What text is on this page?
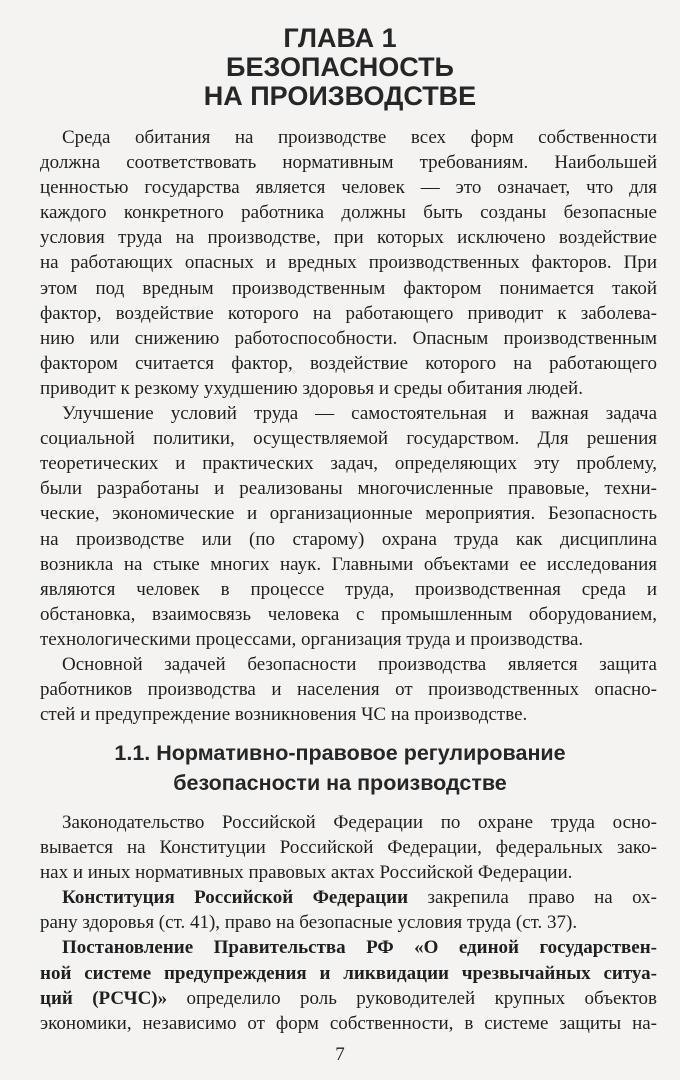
ГЛАВА 1
БЕЗОПАСНОСТЬ
НА ПРОИЗВОДСТВЕ
Среда обитания на производстве всех форм собственности
должна соответствовать нормативным требованиям. Наибольшей
ценностью государства является человек — это означает, что для
каждого конкретного работника должны быть созданы безопасные
условия труда на производстве, при которых исключено воздействие
на работающих опасных и вредных производственных факторов. При
этом под вредным производственным фактором понимается такой
фактор, воздействие которого на работающего приводит к заболева-
нию или снижению работоспособности. Опасным производственным
фактором считается фактор, воздействие которого на работающего
приводит к резкому ухудшению здоровья и среды обитания людей.
Улучшение условий труда — самостоятельная и важная задача
социальной политики, осуществляемой государством. Для решения
теоретических и практических задач, определяющих эту проблему,
были разработаны и реализованы многочисленные правовые, техни-
ческие, экономические и организационные мероприятия. Безопасность
на производстве или (по старому) охрана труда как дисциплина
возникла на стыке многих наук. Главными объектами ее исследования
являются человек в процессе труда, производственная среда и
обстановка, взаимосвязь человека с промышленным оборудованием,
технологическими процессами, организация труда и производства.
Основной задачей безопасности производства является защита
работников производства и населения от производственных опасно-
стей и предупреждение возникновения ЧС на производстве.
1.1. Нормативно-правовое регулирование
безопасности на производстве
Законодательство Российской Федерации по охране труда осно-
вывается на Конституции Российской Федерации, федеральных зако-
нах и иных нормативных правовых актах Российской Федерации.
Конституция Российской Федерации закрепила право на ох-
рану здоровья (ст. 41), право на безопасные условия труда (ст. 37).
Постановление Правительства РФ «О единой государствен-
ной системе предупреждения и ликвидации чрезвычайных ситуа-
ций (РСЧС)» определило роль руководителей крупных объектов
экономики, независимо от форм собственности, в системе защиты на-
7
